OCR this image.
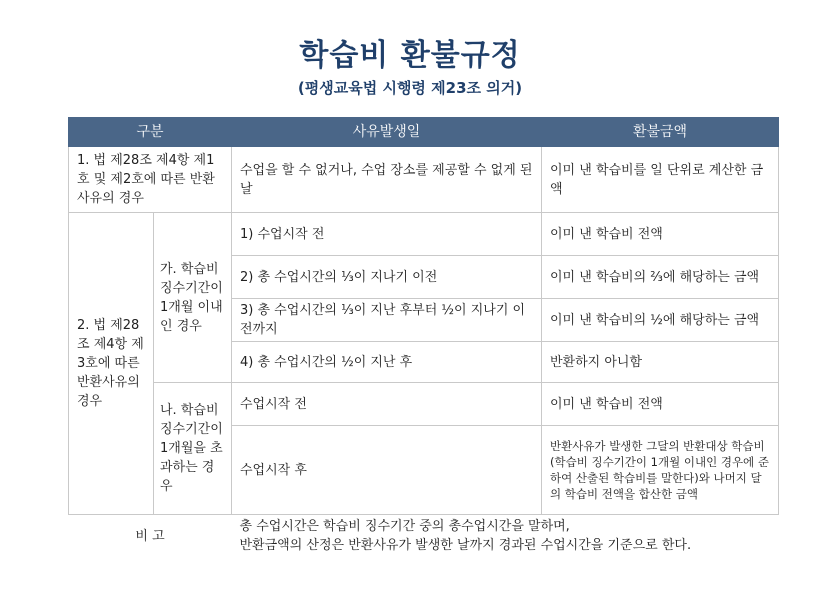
학습비 환불규정
(평생교육법 시행령 제23조 의거)
구분		사유발생일	환불금액
1. 법 제28조 제4항 제1호 및 제2호에 따른 반환사유의 경우		수업을 할 수 없거나, 수업 장소를 제공할 수 없게 된 날	이미 낸 학습비를 일 단위로 계산한 금액
2. 법 제28조 제4항 제3호에 따른 반환사유의 경우	가. 학습비 징수기간이 1개월 이내인 경우	1) 수업시작 전	이미 낸 학습비 전액
		2) 총 수업시간의 ⅓이 지나기 이전	이미 낸 학습비의 ⅔에 해당하는 금액
		3) 총 수업시간의 ⅓이 지난 후부터 ½이 지나기 이전까지	이미 낸 학습비의 ½에 해당하는 금액
		4) 총 수업시간의 ½이 지난 후	반환하지 아니함
	나. 학습비 징수기간이 1개월을 초과하는 경우	수업시작 전	이미 낸 학습비 전액
		수업시작 후	반환사유가 발생한 그달의 반환대상 학습비(학습비 징수기간이 1개월 이내인 경우에 준하여 산출된 학습비를 말한다)와 나머지 달의 학습비 전액을 합산한 금액
비 고		총 수업시간은 학습비 징수기간 중의 총수업시간을 말하며,
반환금액의 산정은 반환사유가 발생한 날까지 경과된 수업시간을 기준으로 한다.	
